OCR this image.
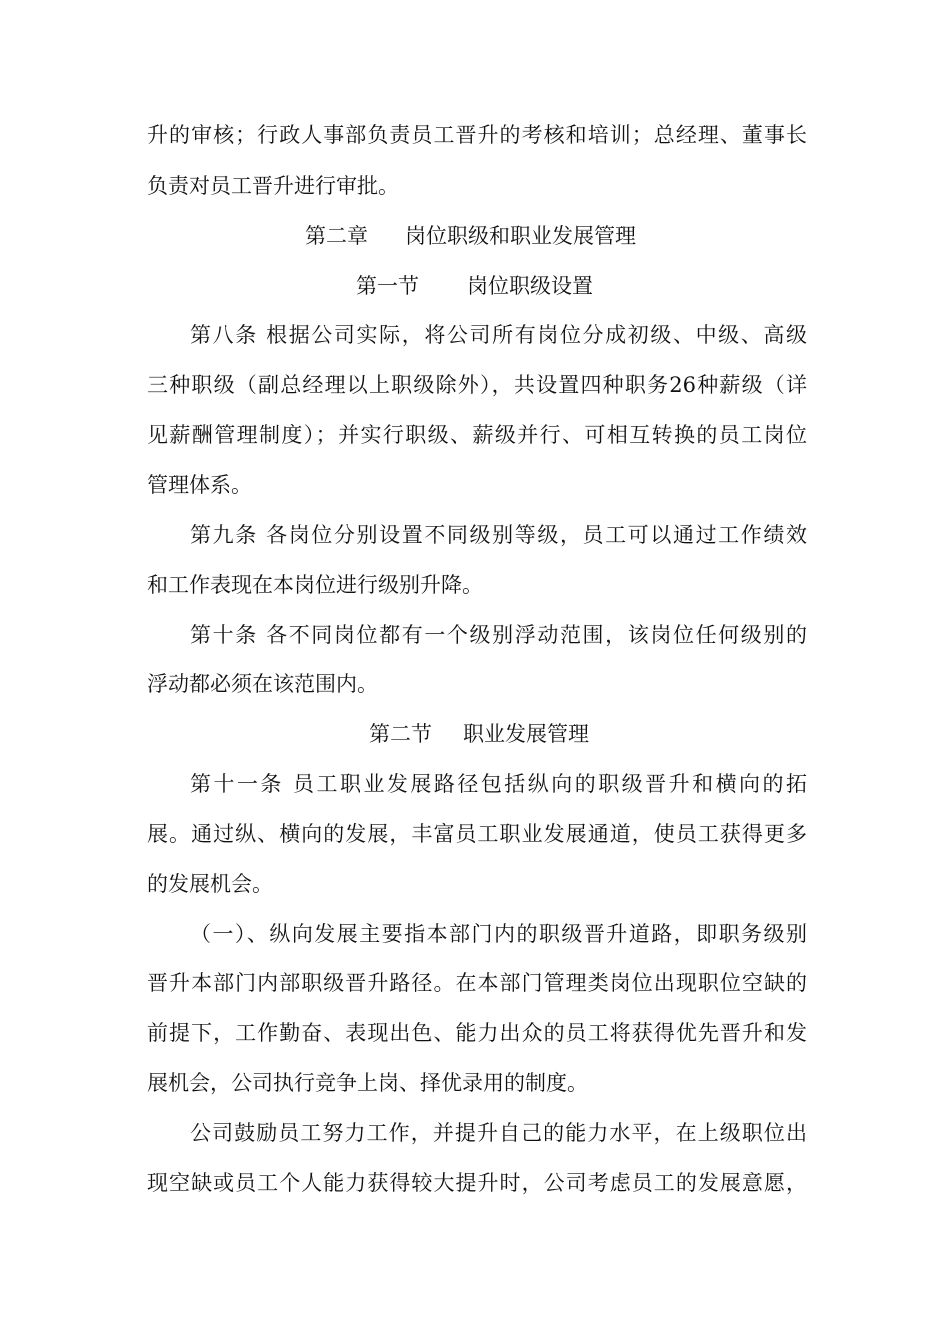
升的审核；行政人事部负责员工晋升的考核和培训；总经理、董事长
负责对员工晋升进行审批。
第二章 岗位职级和职业发展管理
第一节 岗位职级设置
第八条 根据公司实际，将公司所有岗位分成初级、中级、高级
三种职级（副总经理以上职级除外），共设置四种职务26种薪级（详
见薪酬管理制度）；并实行职级、薪级并行、可相互转换的员工岗位
管理体系。
第九条 各岗位分别设置不同级别等级，员工可以通过工作绩效
和工作表现在本岗位进行级别升降。
第十条 各不同岗位都有一个级别浮动范围，该岗位任何级别的
浮动都必须在该范围内。
第二节 职业发展管理
第十一条 员工职业发展路径包括纵向的职级晋升和横向的拓
展。通过纵、横向的发展，丰富员工职业发展通道，使员工获得更多
的发展机会。
（一）、纵向发展主要指本部门内的职级晋升道路，即职务级别
晋升本部门内部职级晋升路径。在本部门管理类岗位出现职位空缺的
前提下，工作勤奋、表现出色、能力出众的员工将获得优先晋升和发
展机会，公司执行竞争上岗、择优录用的制度。
公司鼓励员工努力工作，并提升自己的能力水平，在上级职位出
现空缺或员工个人能力获得较大提升时，公司考虑员工的发展意愿，
